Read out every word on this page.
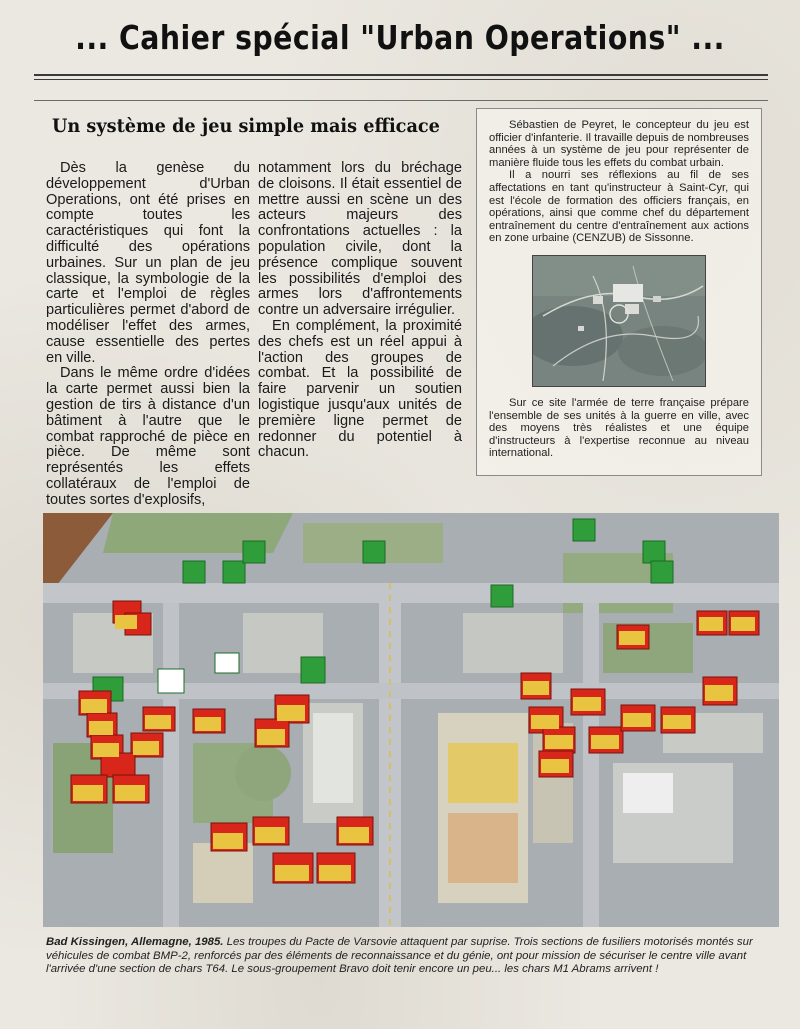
... Cahier spécial "Urban Operations" ...
Un système de jeu simple mais efficace

Dès la genèse du développement d'Urban Operations, ont été prises en compte toutes les caractéristiques qui font la difficulté des opérations urbaines. Sur un plan de jeu classique, la symbologie de la carte et l'emploi de règles particulières permet d'abord de modéliser l'effet des armes, cause essentielle des pertes en ville.

Dans le même ordre d'idées la carte permet aussi bien la gestion de tirs à distance d'un bâtiment à l'autre que le combat rapproché de pièce en pièce. De même sont représentés les effets collatéraux de l'emploi de toutes sortes d'explosifs,

notamment lors du bréchage de cloisons. Il était essentiel de mettre aussi en scène un des acteurs majeurs des confrontations actuelles : la population civile, dont la présence complique souvent les possibilités d'emploi des armes lors d'affrontements contre un adversaire irrégulier.

En complément, la proximité des chefs est un réel appui à l'action des groupes de combat. Et la possibilité de faire parvenir un soutien logistique jusqu'aux unités de première ligne permet de redonner du potentiel à chacun.

Sébastien de Peyret, le concepteur du jeu est officier d'infanterie. Il travaille depuis de nombreuses années à un système de jeu pour représenter de manière fluide tous les effets du combat urbain.

Il a nourri ses réflexions au fil de ses affectations en tant qu'instructeur à Saint-Cyr, qui est l'école de formation des officiers français, en opérations, ainsi que comme chef du département entraînement du centre d'entraînement aux actions en zone urbaine (CENZUB) de Sissonne.

Sur ce site l'armée de terre française prépare l'ensemble de ses unités à la guerre en ville, avec des moyens très réalistes et une équipe d'instructeurs à l'expertise reconnue au niveau international.

Bad Kissingen, Allemagne, 1985. Les troupes du Pacte de Varsovie attaquent par suprise. Trois sections de fusiliers motorisés montés sur véhicules de combat BMP-2, renforcés par des éléments de reconnaissance et du génie, ont pour mission de sécuriser le centre ville avant l'arrivée d'une section de chars T64. Le sous-groupement Bravo doit tenir encore un peu... les chars M1 Abrams arrivent !
